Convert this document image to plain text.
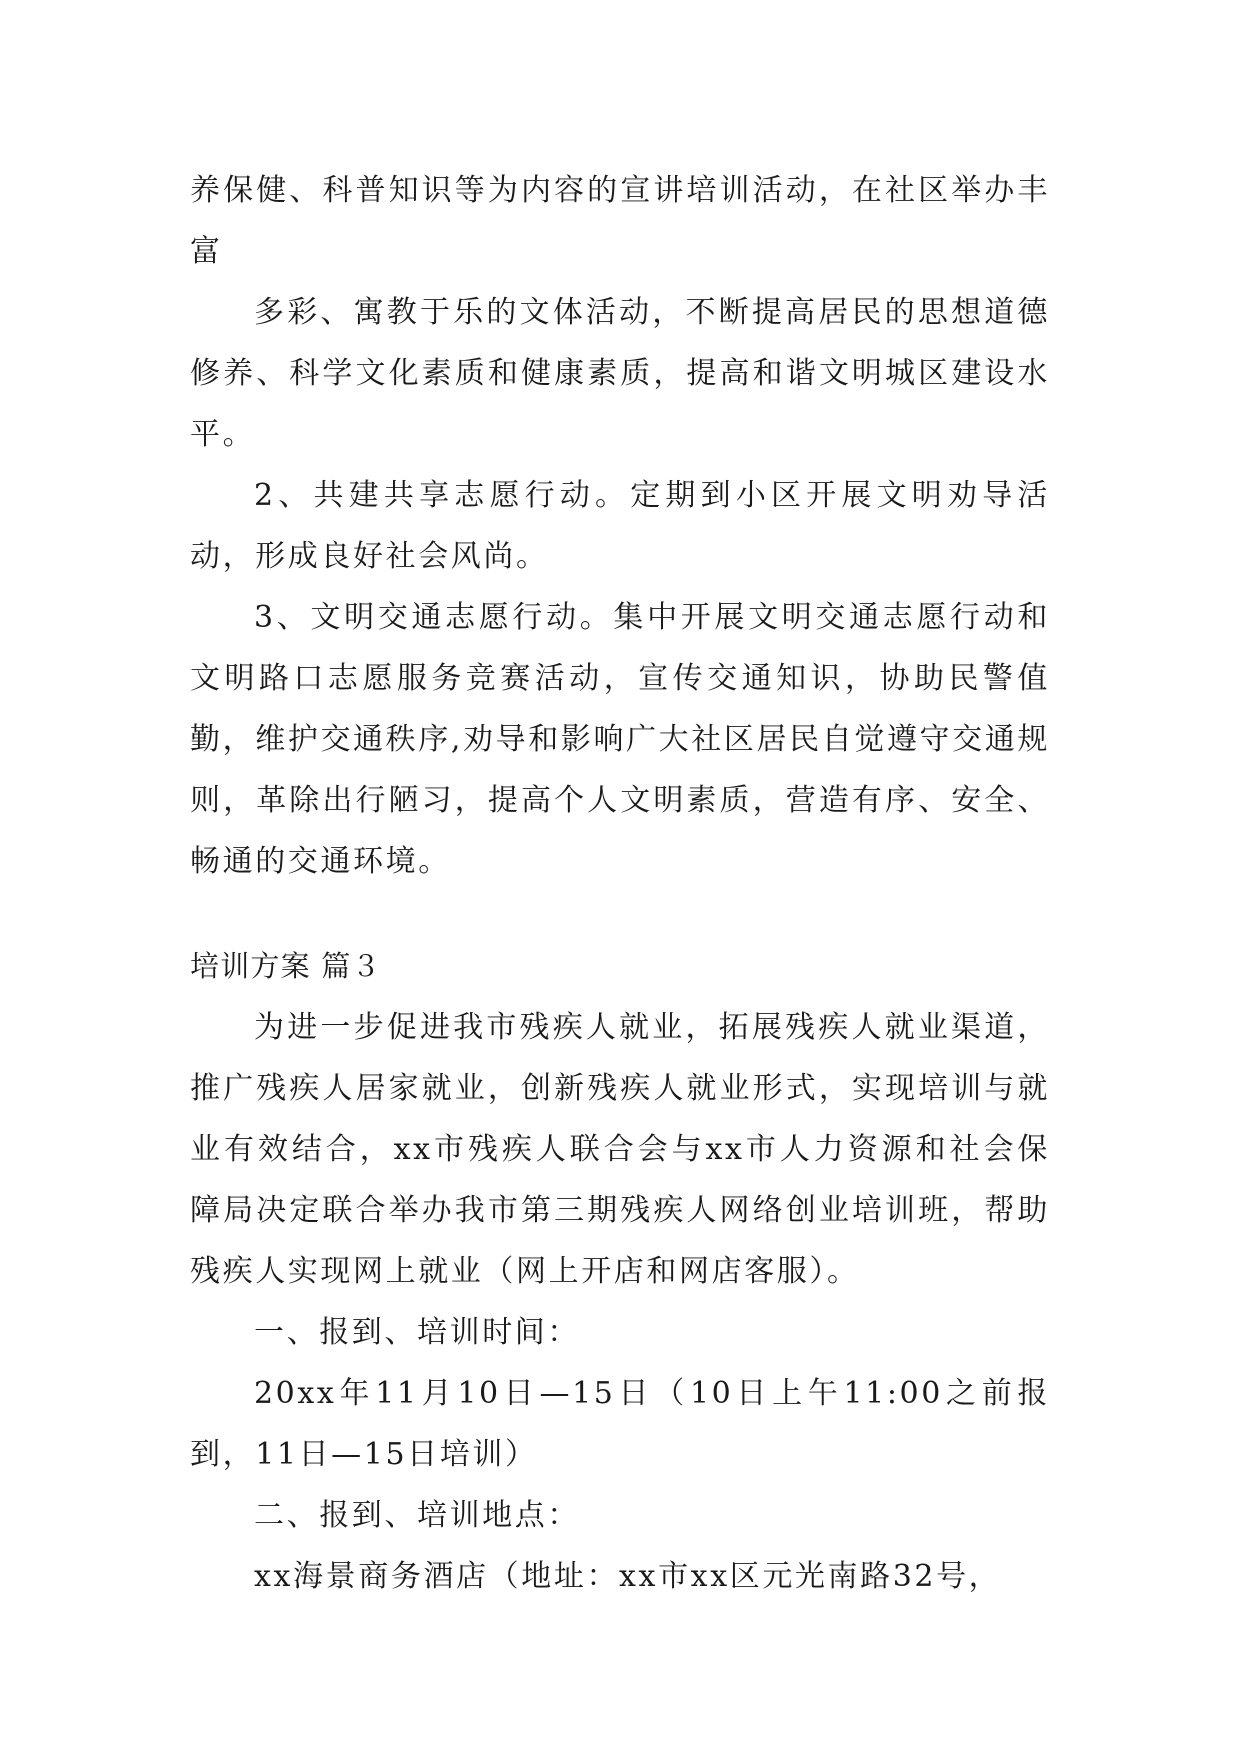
养保健、科普知识等为内容的宣讲培训活动，在社区举办丰富

多彩、寓教于乐的文体活动，不断提高居民的思想道德修养、科学文化素质和健康素质，提高和谐文明城区建设水平。

2、共建共享志愿行动。定期到小区开展文明劝导活动，形成良好社会风尚。

3、文明交通志愿行动。集中开展文明交通志愿行动和文明路口志愿服务竞赛活动，宣传交通知识，协助民警值勤，维护交通秩序,劝导和影响广大社区居民自觉遵守交通规则，革除出行陋习，提高个人文明素质，营造有序、安全、畅通的交通环境。

培训方案 篇３

为进一步促进我市残疾人就业，拓展残疾人就业渠道，推广残疾人居家就业，创新残疾人就业形式，实现培训与就业有效结合，xx市残疾人联合会与xx市人力资源和社会保障局决定联合举办我市第三期残疾人网络创业培训班，帮助残疾人实现网上就业（网上开店和网店客服）。

一、报到、培训时间：

20xx年11月10日—15日（10日上午11:00之前报到，11日—15日培训）

二、报到、培训地点：

xx海景商务酒店（地址：xx市xx区元光南路32号，
